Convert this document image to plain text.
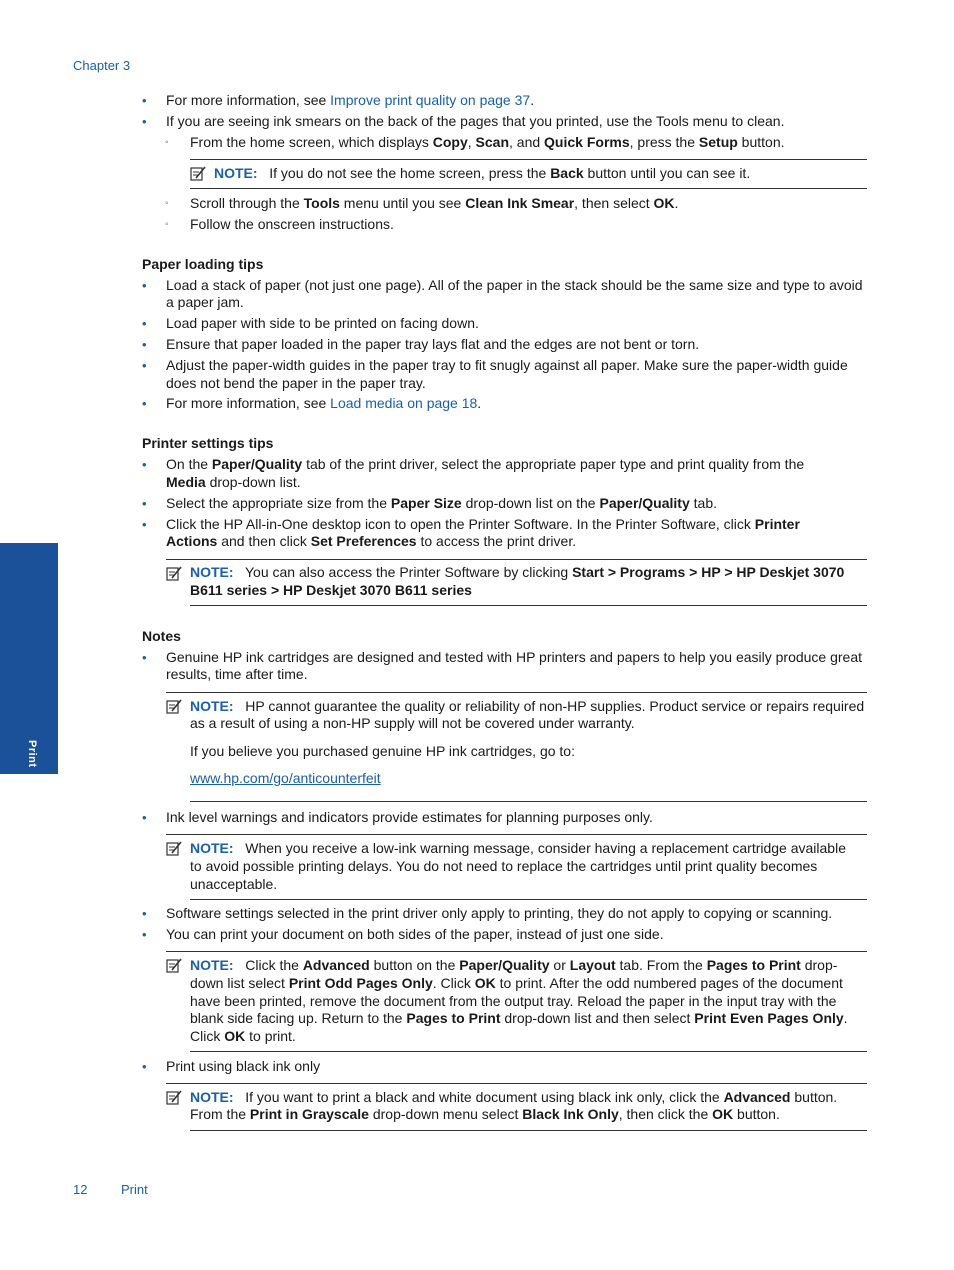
Chapter 3
Print
• For more information, see Improve print quality on page 37.
• If you are seeing ink smears on the back of the pages that you printed, use the Tools menu to clean.
◦ From the home screen, which displays Copy, Scan, and Quick Forms, press the Setup button.
NOTE: If you do not see the home screen, press the Back button until you can see it.
◦ Scroll through the Tools menu until you see Clean Ink Smear, then select OK.
◦ Follow the onscreen instructions.
Paper loading tips
• Load a stack of paper (not just one page). All of the paper in the stack should be the same size and type to avoid
a paper jam.
• Load paper with side to be printed on facing down.
• Ensure that paper loaded in the paper tray lays flat and the edges are not bent or torn.
• Adjust the paper-width guides in the paper tray to fit snugly against all paper. Make sure the paper-width guide
does not bend the paper in the paper tray.
• For more information, see Load media on page 18.
Printer settings tips
• On the Paper/Quality tab of the print driver, select the appropriate paper type and print quality from the
Media drop-down list.
• Select the appropriate size from the Paper Size drop-down list on the Paper/Quality tab.
• Click the HP All-in-One desktop icon to open the Printer Software. In the Printer Software, click Printer
Actions and then click Set Preferences to access the print driver.
NOTE: You can also access the Printer Software by clicking Start > Programs > HP > HP Deskjet 3070
B611 series > HP Deskjet 3070 B611 series
Notes
• Genuine HP ink cartridges are designed and tested with HP printers and papers to help you easily produce great
results, time after time.
NOTE: HP cannot guarantee the quality or reliability of non-HP supplies. Product service or repairs required
as a result of using a non-HP supply will not be covered under warranty.
If you believe you purchased genuine HP ink cartridges, go to:
www.hp.com/go/anticounterfeit
• Ink level warnings and indicators provide estimates for planning purposes only.
NOTE: When you receive a low-ink warning message, consider having a replacement cartridge available
to avoid possible printing delays. You do not need to replace the cartridges until print quality becomes
unacceptable.
• Software settings selected in the print driver only apply to printing, they do not apply to copying or scanning.
• You can print your document on both sides of the paper, instead of just one side.
NOTE: Click the Advanced button on the Paper/Quality or Layout tab. From the Pages to Print drop-
down list select Print Odd Pages Only. Click OK to print. After the odd numbered pages of the document
have been printed, remove the document from the output tray. Reload the paper in the input tray with the
blank side facing up. Return to the Pages to Print drop-down list and then select Print Even Pages Only.
Click OK to print.
• Print using black ink only
NOTE: If you want to print a black and white document using black ink only, click the Advanced button.
From the Print in Grayscale drop-down menu select Black Ink Only, then click the OK button.
12	Print
